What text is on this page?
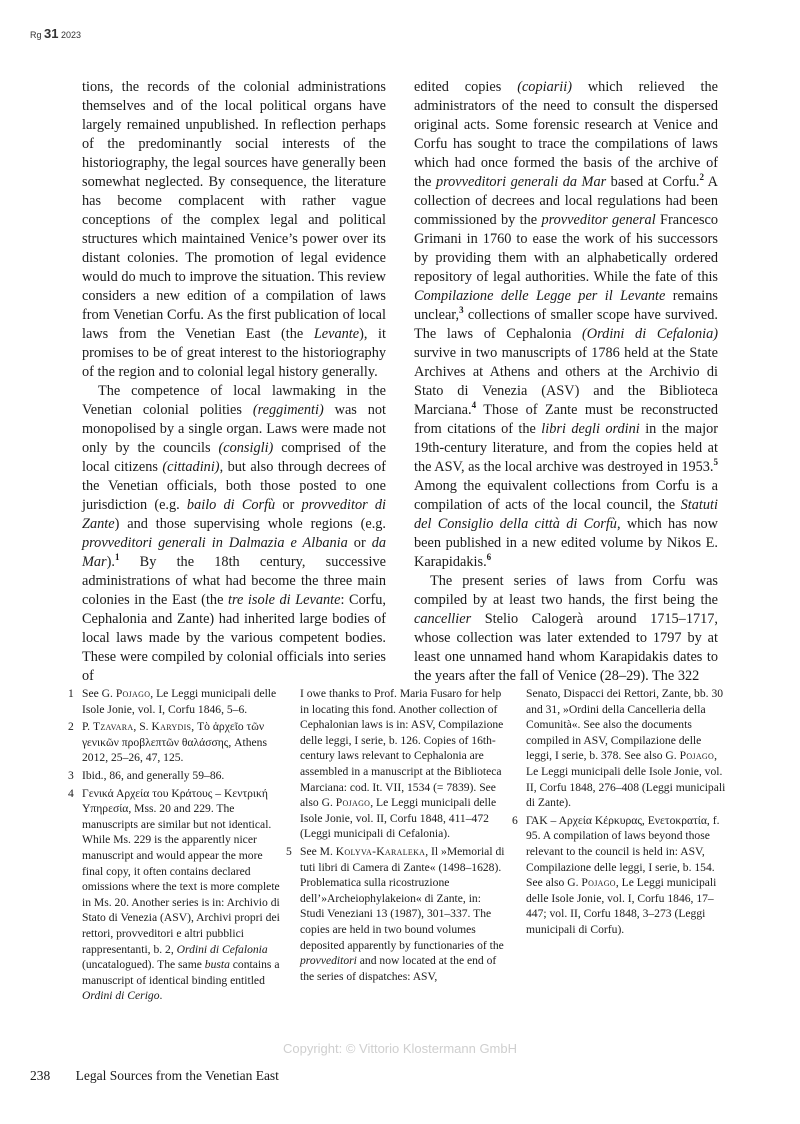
Rg 31 2023

tions, the records of the colonial administrations themselves and of the local political organs have largely remained unpublished. In reflection perhaps of the predominantly social interests of the historiography, the legal sources have generally been somewhat neglected. By consequence, the literature has become complacent with rather vague conceptions of the complex legal and political structures which maintained Venice’s power over its distant colonies. The promotion of legal evidence would do much to improve the situation. This review considers a new edition of a compilation of laws from Venetian Corfu. As the first publication of local laws from the Venetian East (the Levante), it promises to be of great interest to the historiography of the region and to colonial legal history generally.

The competence of local lawmaking in the Venetian colonial polities (reggimenti) was not monopolised by a single organ. Laws were made not only by the councils (consigli) comprised of the local citizens (cittadini), but also through decrees of the Venetian officials, both those posted to one jurisdiction (e.g. bailo di Corfù or provveditor di Zante) and those supervising whole regions (e.g. provveditori generali in Dalmazia e Albania or da Mar).$^1$ By the 18th century, successive administrations of what had become the three main colonies in the East (the tre isole di Levante: Corfu, Cephalonia and Zante) had inherited large bodies of local laws made by the various competent bodies. These were compiled by colonial officials into series of

edited copies (copiarii) which relieved the administrators of the need to consult the dispersed original acts. Some forensic research at Venice and Corfu has sought to trace the compilations of laws which had once formed the basis of the archive of the provveditori generali da Mar based at Corfu.$^2$ A collection of decrees and local regulations had been commissioned by the provveditor general Francesco Grimani in 1760 to ease the work of his successors by providing them with an alphabetically ordered repository of legal authorities. While the fate of this Compilazione delle Legge per il Levante remains unclear,$^3$ collections of smaller scope have survived. The laws of Cephalonia (Ordini di Cefalonia) survive in two manuscripts of 1786 held at the State Archives at Athens and others at the Archivio di Stato di Venezia (ASV) and the Biblioteca Marciana.$^4$ Those of Zante must be reconstructed from citations of the libri degli ordini in the major 19th-century literature, and from the copies held at the ASV, as the local archive was destroyed in 1953.$^5$ Among the equivalent collections from Corfu is a compilation of acts of the local council, the Statuti del Consiglio della città di Corfù, which has now been published in a new edited volume by Nikos E. Karapidakis.$^6$

The present series of laws from Corfu was compiled by at least two hands, the first being the cancellier Stelio Calogerà around 1715–1717, whose collection was later extended to 1797 by at least one unnamed hand whom Karapidakis dates to the years after the fall of Venice (28–29). The 322

1 See G. Pojago, Le Leggi municipali delle Isole Jonie, vol. I, Corfu 1846, 5–6.
2 P. Tzavara, S. Karydis, Τὸ ἀρχεῖο τῶν γενικῶν προβλεπτῶν θαλάσσης, Athens 2012, 25–26, 47, 125.
3 Ibid., 86, and generally 59–86.
4 Γενικά Αρχεία του Κράτους – Κεντρική Υπηρεσία, Mss. 20 and 229. The manuscripts are similar but not identical. While Ms. 229 is the apparently nicer manuscript and would appear the more final copy, it often contains declared omissions where the text is more complete in Ms. 20. Another series is in: Archivio di Stato di Venezia (ASV), Archivi propri dei rettori, provveditori e altri pubblici rappresentanti, b. 2, Ordini di Cefalonia (uncatalogued). The same busta contains a manuscript of identical binding entitled Ordini di Cerigo.
I owe thanks to Prof. Maria Fusaro for help in locating this fond. Another collection of Cephalonian laws is in: ASV, Compilazione delle leggi, I serie, b. 126. Copies of 16th-century laws relevant to Cephalonia are assembled in a manuscript at the Biblioteca Marciana: cod. It. VII, 1534 (= 7839). See also G. Pojago, Le Leggi municipali delle Isole Jonie, vol. II, Corfu 1848, 411–472 (Leggi municipali di Cefalonia).
5 See M. Kolyva-Karaleka, Il »Memorial di tuti libri di Camera di Zante« (1498–1628). Problematica sulla ricostruzione dell’»Archeiophylakeion« di Zante, in: Studi Veneziani 13 (1987), 301–337. The copies are held in two bound volumes deposited apparently by functionaries of the provveditori and now located at the end of the series of dispatches: ASV,
Senato, Dispacci dei Rettori, Zante, bb. 30 and 31, »Ordini della Cancelleria della Comunità«. See also the documents compiled in ASV, Compilazione delle leggi, I serie, b. 378. See also G. Pojago, Le Leggi municipali delle Isole Jonie, vol. II, Corfu 1848, 276–408 (Leggi municipali di Zante).
6 ΓΑΚ – Αρχεία Κέρκυρας, Ενετοκρατία, f. 95. A compilation of laws beyond those relevant to the council is held in: ASV, Compilazione delle leggi, I serie, b. 154. See also G. Pojago, Le Leggi municipali delle Isole Jonie, vol. I, Corfu 1846, 17–447; vol. II, Corfu 1848, 3–273 (Leggi municipali di Corfu).
Copyright: © Vittorio Klostermann GmbH
238 Legal Sources from the Venetian East
